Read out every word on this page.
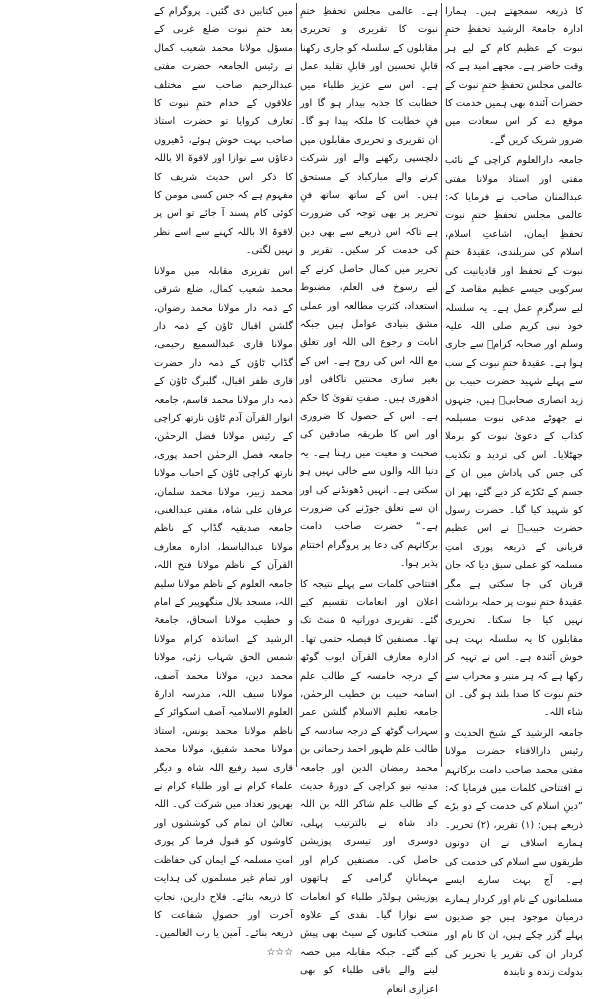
کا ذریعہ سمجھتے ہیں۔ ہمارا ادارہ جامعۃ الرشید تحفظِ ختمِ نبوت کے عظیم کام کے لیے ہر وقت حاضر ہے۔ مجھے امید ہے کہ عالمی مجلس تحفظِ ختمِ نبوت کے حضرات آئندہ بھی ہمیں خدمت کا موقع دے کر اس سعادت میں ضرور شریک کریں گے۔

جامعہ دارالعلوم کراچی کے نائب مفتی اور استاذ مولانا مفتی عبدالمنان صاحب نے فرمایا کہ: عالمی مجلس تحفظِ ختمِ نبوت تحفظِ ایمان، اشاعتِ اسلام، اسلام کی سربلندی، عقیدۂ ختمِ نبوت کے تحفظ اور قادیانیت کی سرکوبی جیسے عظیم مقاصد کے لیے سرگرمِ عمل ہے۔ یہ سلسلہ خود نبی کریم صلی اللہ علیہ وسلم اور صحابہ کرامؓ سے جاری ہوا ہے۔ عقیدۂ ختمِ نبوت کے سب سے پہلے شہید حضرت حبیب بن زید انصاری صحابیؓ ہیں، جنہوں نے جھوٹے مدعی نبوت مسیلمہ کذاب کے دعویٰ نبوت کو برملا جھٹلایا۔ اس کی تردید و تکذیب کی جس کی پاداش میں ان کے جسم کے ٹکڑے کر دیے گئے، پھر ان کو شہید کیا گیا۔ حضرت رسول حضرت حبیبؓ نے اس عظیم قربانی کے ذریعہ پوری امتِ مسلمہ کو عملی سبق دیا کہ جان قربان کی جا سکتی ہے مگر عقیدۂ ختمِ نبوت پر حملہ برداشت نہیں کیا جا سکتا۔ تحریری مقابلوں کا یہ سلسلہ بہت ہی خوش آئندہ ہے۔ اس نے تہیہ کر رکھا ہے کہ ہر منبر و محراب سے ختمِ نبوت کا صدا بلند ہو گی۔ ان شاء اللہ۔

جامعہ الرشید کے شیخ الحدیث و رئیس دارالافتاء حضرت مولانا مفتی محمد صاحب دامت برکاتہم نے افتتاحی کلمات میں فرمایا کہ: ”دینِ اسلام کی خدمت کے دو بڑے ذریعے ہیں: (۱) تقریر، (۲) تحریر۔ ہمارے اسلاف نے ان دونوں طریقوں سے اسلام کی خدمت کی ہے۔ آج بہت سارے ایسے مسلمانوں کے نام اور کردار ہمارے درمیان موجود ہیں جو صدیوں پہلے گزر چکے ہیں، ان کا نام اور کردار ان کی تقریر یا تحریر کی بدولت زندہ و تابندہ

ہے۔ عالمی مجلس تحفظِ ختمِ نبوت کا تقریری و تحریری مقابلوں کے سلسلہ کو جاری رکھنا قابلِ تحسین اور قابلِ تقلید عمل ہے۔ اس سے عزیز طلباء میں خطابت کا جذبہ بیدار ہو گا اور فنِ خطابت کا ملکہ پیدا ہو گا۔ ان تقریری و تحریری مقابلوں میں دلچسپی رکھنے والے اور شرکت کرنے والے مبارکباد کے مستحق ہیں۔ اس کے ساتھ ساتھ فنِ تحریر پر بھی توجہ کی ضرورت ہے تاکہ اس ذریعے سے بھی دین کی خدمت کر سکیں۔ تقریر و تحریر میں کمال حاصل کرنے کے لیے رسوخ فی العلم، مضبوط استعداد، کثرتِ مطالعہ اور عملی مشق بنیادی عوامل ہیں جبکہ انابت و رجوع الی اللہ اور تعلق مع اللہ اس کی روح ہے۔ اس کے بغیر ساری محنتیں ناکافی اور ادھوری ہیں۔ صفتِ تقویٰ کا حکم ہے۔ اس کے حصول کا ضروری اور اس کا طریقہ صادقین کی صحبت و معیت میں رہنا ہے۔ یہ دنیا اللہ والوں سے خالی نہیں ہو سکتی ہے۔ انہیں ڈھونڈنے کی اور ان سے تعلق جوڑنے کی ضرورت ہے۔“ حضرت صاحب دامت برکاتہم کی دعا پر پروگرام اختتام پذیر ہوا۔

افتتاحی کلمات سے پہلے نتیجہ کا اعلان اور انعامات تقسیم کیے گئے۔ تقریری دورانیہ ۵ منٹ تک تھا۔ مصنفین کا فیصلہ حتمی تھا۔ ادارہ معارف القرآن ایوب گوٹھ کے درجہ خامسہ کے طالب علم اسامہ حبیب بن خطیب الرحمٰن، جامعہ تعلیم الاسلام گلشن عمر سہراب گوٹھ کے درجہ سادسہ کے طالب علم ظہور احمد رحمانی بن محمد رمضان الدین اور جامعہ مدنیہ نیو کراچی کے دورۂ حدیث کے طالب علم شاکر اللہ بن اللہ داد شاہ نے بالترتیب پہلی، دوسری اور تیسری پوزیشن حاصل کی۔ مصنفین کرام اور مہمانانِ گرامی کے ہاتھوں پوزیشن ہولڈر طلباء کو انعامات سے نوازا گیا۔ نقدی کے علاوہ منتخب کتابوں کے سیٹ بھی پیش کیے گئے۔ جبکہ مقابلہ میں حصہ لینے والے باقی طلباء کو بھی اعزازی انعام

میں کتابیں دی گئیں۔ پروگرام کے بعد ختمِ نبوت ضلع غربی کے مسؤل مولانا محمد شعیب کمال نے رئیس الجامعہ حضرت مفتی عبدالرحیم صاحب سے مختلف علاقوں کے خدام ختمِ نبوت کا تعارف کروایا تو حضرت استاذ صاحب بہت خوش ہوئے، ڈھیروں دعاؤں سے نوازا اور لاقوۃ الا باللہ کا ذکر اس حدیث شریف کا مفہوم ہے کہ جس کسی مومن کا کوئی کام پسند آ جائے تو اس پر لاقوۃ الا باللہ کہنے سے اسے نظر نہیں لگتی۔

اس تقریری مقابلہ میں مولانا محمد شعیب کمال، ضلع شرقی کے ذمہ دار مولانا محمد رضوان، گلشن اقبال ٹاؤن کے ذمہ دار مولانا قاری عبدالسمیع رحیمی، گڈاپ ٹاؤن کے ذمہ دار حضرت قاری ظفر اقبال، گلبرگ ٹاؤن کے ذمہ دار مولانا محمد قاسم، جامعہ انوار القرآن آدم ٹاؤن نارتھ کراچی کے رئیس مولانا فضل الرحمٰن، جامعہ فصل الرحمٰن احمد پوری، نارتھ کراچی ٹاؤن کے احباب مولانا محمد زبیر، مولانا محمد سلمان، عرفان علی شاہ، مفتی عبدالغنی، جامعہ صدیقیہ گڈاپ کے ناظم مولانا عبدالباسط، ادارہ معارف القرآن کے ناظم مولانا فتح اللہ، جامعہ العلوم کے ناظم مولانا سلیم اللہ، مسجد بلال منگھوپیر کے امام و خطیب مولانا اسحاق، جامعۃ الرشید کے اساتذہ کرام مولانا شمس الحق شہاب زئی، مولانا محمد دین، مولانا محمد آصف، مولانا سیف اللہ، مدرسہ ادارۃ العلوم الاسلامیہ آصف اسکوائر کے ناظم مولانا محمد یونس، استاذ مولانا محمد شفیق، مولانا محمد قاری سید رفیع اللہ شاہ و دیگر علماء کرام نے اور طلباء کرام نے بھرپور تعداد میں شرکت کی۔ اللہ تعالیٰ ان تمام کی کوششوں اور کاوشوں کو قبول فرما کر پوری امتِ مسلمہ کے ایمان کی حفاظت اور تمام غیر مسلموں کی ہدایت کا ذریعہ بنائے۔ فلاح دارین، نجاتِ آخرت اور حصولِ شفاعت کا ذریعہ بنائے۔ آمین یا رب العالمین۔ ☆☆☆
